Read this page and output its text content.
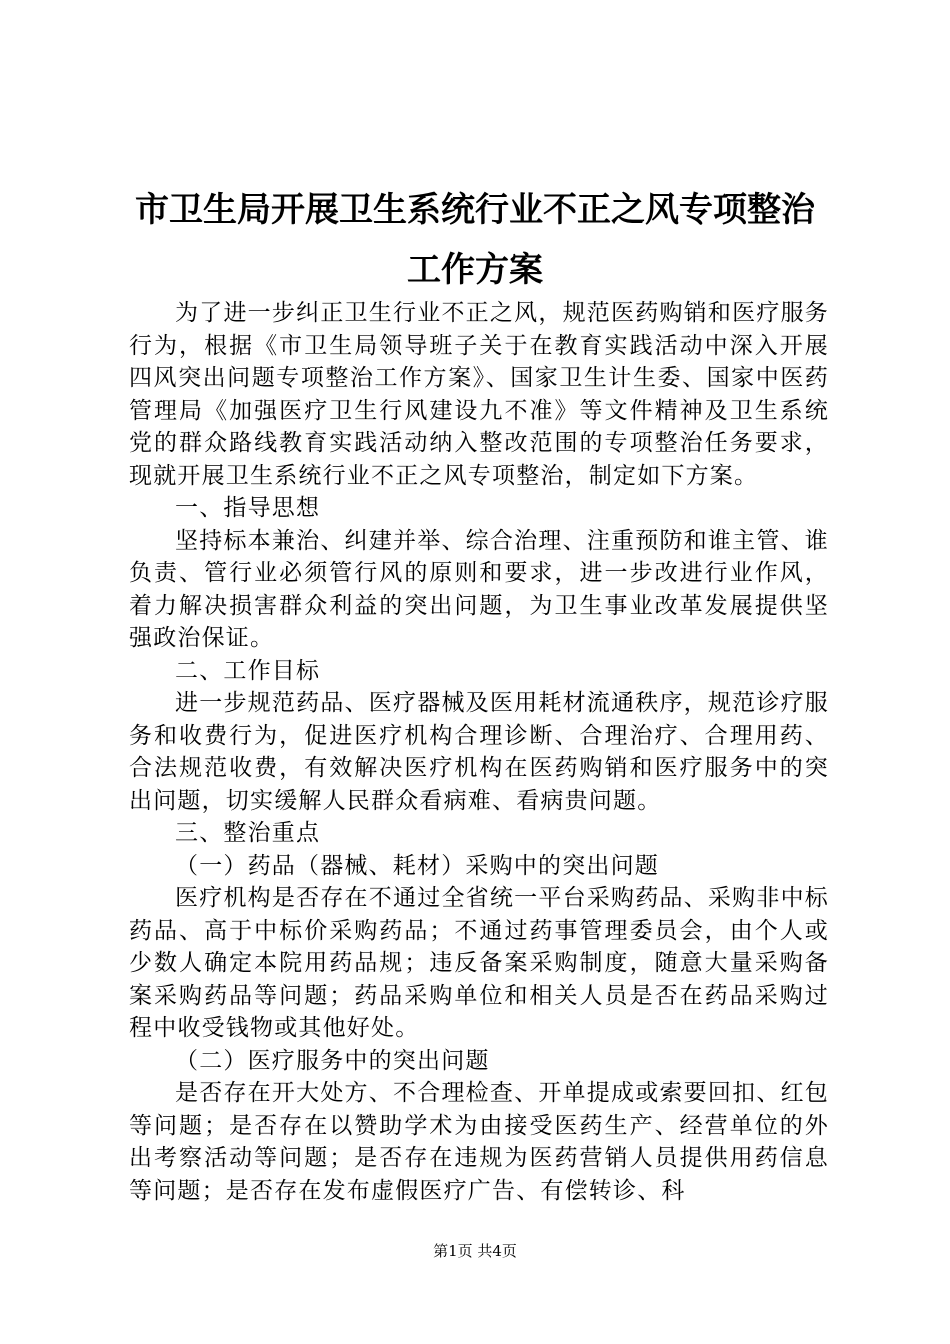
市卫生局开展卫生系统行业不正之风专项整治
工作方案

为了进一步纠正卫生行业不正之风，规范医药购销和医疗服务行为，根据《市卫生局领导班子关于在教育实践活动中深入开展四风突出问题专项整治工作方案》、国家卫生计生委、国家中医药管理局《加强医疗卫生行风建设九不准》等文件精神及卫生系统党的群众路线教育实践活动纳入整改范围的专项整治任务要求，现就开展卫生系统行业不正之风专项整治，制定如下方案。

一、指导思想

坚持标本兼治、纠建并举、综合治理、注重预防和谁主管、谁负责、管行业必须管行风的原则和要求，进一步改进行业作风，着力解决损害群众利益的突出问题，为卫生事业改革发展提供坚强政治保证。

二、工作目标

进一步规范药品、医疗器械及医用耗材流通秩序，规范诊疗服务和收费行为，促进医疗机构合理诊断、合理治疗、合理用药、合法规范收费，有效解决医疗机构在医药购销和医疗服务中的突出问题，切实缓解人民群众看病难、看病贵问题。

三、整治重点

（一）药品（器械、耗材）采购中的突出问题

医疗机构是否存在不通过全省统一平台采购药品、采购非中标药品、高于中标价采购药品；不通过药事管理委员会，由个人或少数人确定本院用药品规；违反备案采购制度，随意大量采购备案采购药品等问题；药品采购单位和相关人员是否在药品采购过程中收受钱物或其他好处。

（二）医疗服务中的突出问题

是否存在开大处方、不合理检查、开单提成或索要回扣、红包等问题；是否存在以赞助学术为由接受医药生产、经营单位的外出考察活动等问题；是否存在违规为医药营销人员提供用药信息等问题；是否存在发布虚假医疗广告、有偿转诊、科

第1页 共4页
